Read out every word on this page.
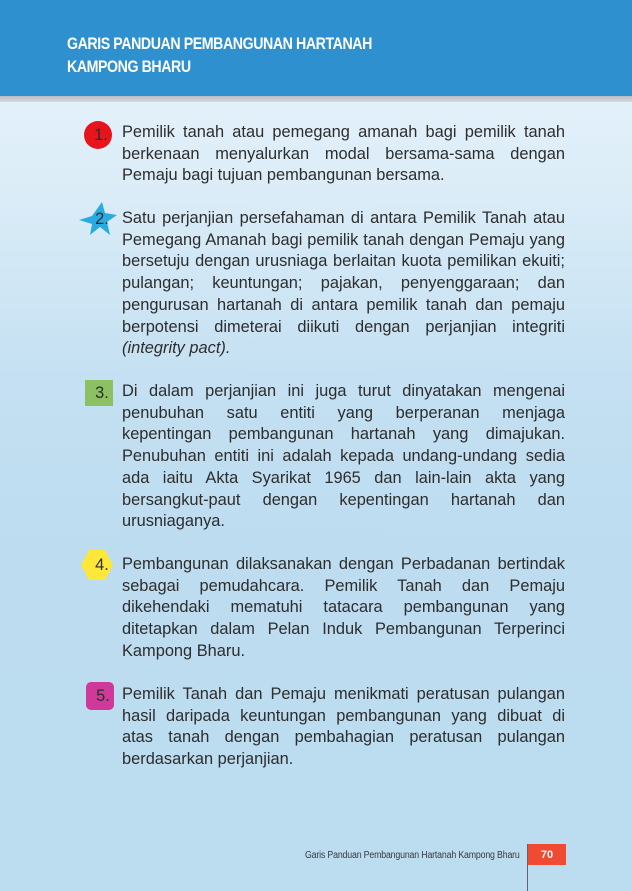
GARIS PANDUAN PEMBANGUNAN HARTANAH
KAMPONG BHARU
1. Pemilik tanah atau pemegang amanah bagi pemilik tanah berkenaan menyalurkan modal bersama-sama dengan Pemaju bagi tujuan pembangunan bersama.
2. Satu perjanjian persefahaman di antara Pemilik Tanah atau Pemegang Amanah bagi pemilik tanah dengan Pemaju yang bersetuju dengan urusniaga berlaitan kuota pemilikan ekuiti; pulangan; keuntungan; pajakan, penyenggaraan; dan pengurusan hartanah di antara pemilik tanah dan pemaju berpotensi dimeterai diikuti dengan perjanjian integriti (integrity pact).
3. Di dalam perjanjian ini juga turut dinyatakan mengenai penubuhan satu entiti yang berperanan menjaga kepentingan pembangunan hartanah yang dimajukan. Penubuhan entiti ini adalah kepada undang-undang sedia ada iaitu Akta Syarikat 1965 dan lain-lain akta yang bersangkut-paut dengan kepentingan hartanah dan urusniaganya.
4. Pembangunan dilaksanakan dengan Perbadanan bertindak sebagai pemudahcara. Pemilik Tanah dan Pemaju dikehendaki mematuhi tatacara pembangunan yang ditetapkan dalam Pelan Induk Pembangunan Terperinci Kampong Bharu.
5. Pemilik Tanah dan Pemaju menikmati peratusan pulangan hasil daripada keuntungan pembangunan yang dibuat di atas tanah dengan pembahagian peratusan pulangan berdasarkan perjanjian.
Garis Panduan Pembangunan Hartanah Kampong Bharu	70
